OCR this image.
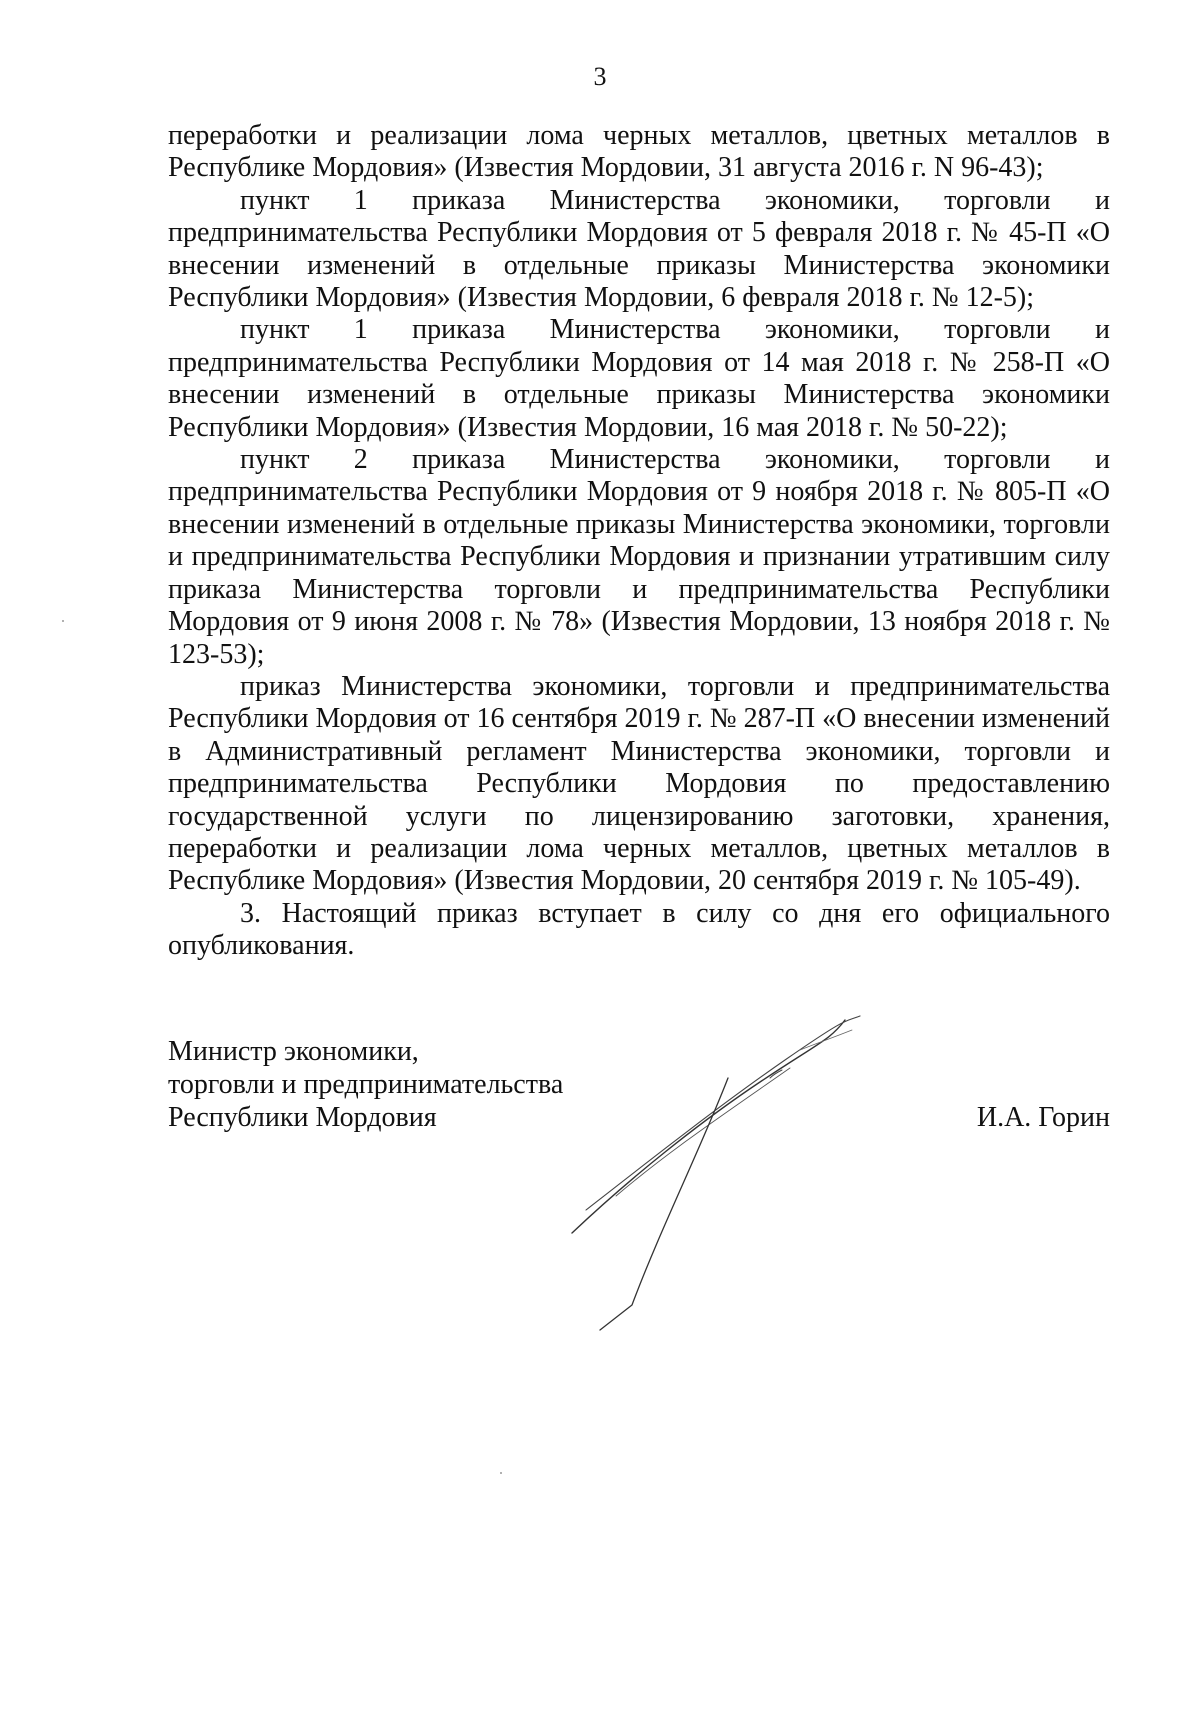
3

переработки и реализации лома черных металлов, цветных металлов в Республике Мордовия» (Известия Мордовии, 31 августа 2016 г. N 96-43);

пункт 1 приказа Министерства экономики, торговли и предпринимательства Республики Мордовия от 5 февраля 2018 г. № 45-П «О внесении изменений в отдельные приказы Министерства экономики Республики Мордовия» (Известия Мордовии, 6 февраля 2018 г. № 12-5);

пункт 1 приказа Министерства экономики, торговли и предпринимательства Республики Мордовия от 14 мая 2018 г. № 258-П «О внесении изменений в отдельные приказы Министерства экономики Республики Мордовия» (Известия Мордовии, 16 мая 2018 г. № 50-22);

пункт 2 приказа Министерства экономики, торговли и предпринимательства Республики Мордовия от 9 ноября 2018 г. № 805-П «О внесении изменений в отдельные приказы Министерства экономики, торговли и предпринимательства Республики Мордовия и признании утратившим силу приказа Министерства торговли и предпринимательства Республики Мордовия от 9 июня 2008 г. № 78» (Известия Мордовии, 13 ноября 2018 г. № 123-53);

приказ Министерства экономики, торговли и предпринимательства Республики Мордовия от 16 сентября 2019 г. № 287-П «О внесении изменений в Административный регламент Министерства экономики, торговли и предпринимательства Республики Мордовия по предоставлению государственной услуги по лицензированию заготовки, хранения, переработки и реализации лома черных металлов, цветных металлов в Республике Мордовия» (Известия Мордовии, 20 сентября 2019 г. № 105-49).

3. Настоящий приказ вступает в силу со дня его официального опубликования.

Министр экономики,
торговли и предпринимательства
Республики Мордовия	И.А. Горин
